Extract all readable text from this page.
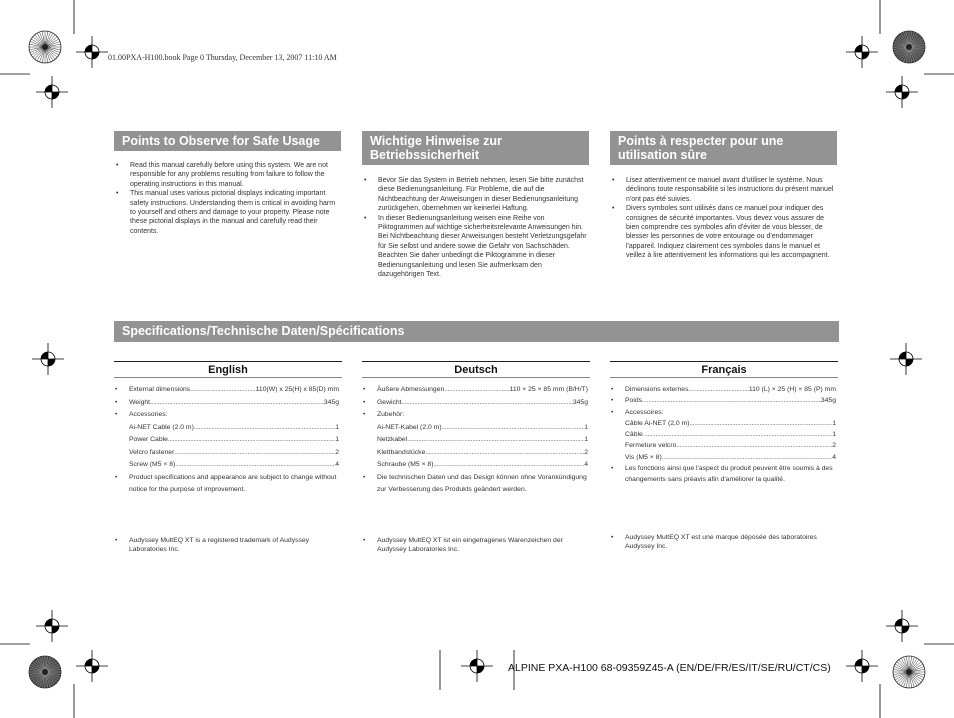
01.00PXA-H100.book Page 0 Thursday, December 13, 2007 11:10 AM
Points to Observe for Safe Usage	Wichtige Hinweise zur Betriebssicherheit
Points à respecter pour une utilisation sûre
• Read this manual carefully before using this system. We are not responsible for any problems resulting from failure to follow the operating instructions in this manual.
• This manual uses various pictorial displays indicating important safety instructions. Understanding them is critical in avoiding harm to yourself and others and damage to your property. Please note these pictorial displays in the manual and carefully read their contents.
• Bevor Sie das System in Betrieb nehmen, lesen Sie bitte zunächst diese Bedienungsanleitung. Für Probleme, die auf die Nichtbeachtung der Anweisungen in dieser Bedienungsanleitung zurückgehen, übernehmen wir keinerlei Haftung.
• In dieser Bedienungsanleitung weisen eine Reihe von Piktogrammen auf wichtige sicherheitsrelevante Anweisungen hin. Bei Nichtbeachtung dieser Anweisungen besteht Verletzungsgefahr für Sie selbst und andere sowie die Gefahr von Sachschäden. Beachten Sie daher unbedingt die Piktogramme in dieser Bedienungsanleitung und lesen Sie aufmerksam den dazugehörigen Text.
• Lisez attentivement ce manuel avant d'utiliser le système. Nous déclinons toute responsabilité si les instructions du présent manuel n'ont pas été suivies.
• Divers symboles sont utilisés dans ce manuel pour indiquer des consignes de sécurité importantes. Vous devez vous assurer de bien comprendre ces symboles afin d'éviter de vous blesser, de blesser les personnes de votre entourage ou d'endommager l'appareil. Indiquez clairement ces symboles dans le manuel et veillez à lire attentivement les informations qui les accompagnent.
Specifications/Technische Daten/Spécifications
English	Deutsch	Français
• External dimensions .....	110(W) x 25(H) x 85(D) mm
• Weight .....	345g
• Accessories:
Ai-NET Cable (2.0 m) .....	1
Power Cable .....	1
Velcro fastener .....	2
Screw (M5 × 8) .....	4
• Product specifications and appearance are subject to change without notice for the purpose of improvement.
• Äußere Abmessungen .....	110 × 25 × 85 mm (B/H/T)
• Gewicht .....	345g
• Zubehör:
Ai-NET-Kabel (2,0 m) .....	1
Netzkabel .....	1
Klettbandstücke .....	2
Schraube (M5 × 8) .....	4
• Die technischen Daten und das Design können ohne Vorankündigung zur Verbesserung des Produkts geändert werden.
• Dimensions externes .....	110 (L) × 25 (H) × 85 (P) mm
• Poids .....	345g
• Accessoires:
Câble Ai-NET (2,0 m) .....	1
Câble .....	1
Fermeture velcro .....	2
Vis (M5 × 8) .....	4
• Les fonctions ainsi que l'aspect du produit peuvent être soumis à des changements sans préavis afin d'améliorer la qualité.
• Audyssey MultEQ XT is a registered trademark of Audyssey Laboratories Inc.
• Audyssey MultEQ XT ist ein eingetragenes Warenzeichen der Audyssey Laboratories Inc.
• Audyssey MultEQ XT est une marque déposée des laboratoires Audyssey Inc.
ALPINE PXA-H100 68-09359Z45-A (EN/DE/FR/ES/IT/SE/RU/CT/CS)
